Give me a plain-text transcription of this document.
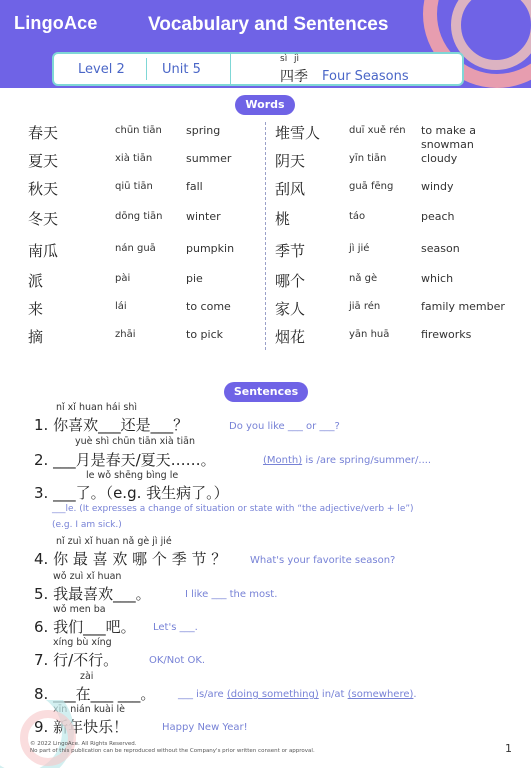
LingoAce	Vocabulary and Sentences
Level 2	Unit 5
sì jì
四季 Four Seasons
Words
春天	chūn tiān spring
夏天	xià tiān	summer
秋天	qiū tiān	fall
冬天	dōng tiān winter
南瓜	nán guā	pumpkin
派	pài	pie
来	lái	to come
摘	zhāi	to pick
堆雪人	duī xuě rén to make a
snowman
阴天	yīn tiān	cloudy
刮风	guā fēng	windy
桃	táo	peach
季节	jì jié	season
哪个	nǎ gè	which
家人	jiā rén	family member
烟花	yān huā	fireworks
Sentences
nǐ xǐ huan hái shì
1. 你喜欢___还是___？	Do you like ___ or ___?
yuè shì chūn tiān xià tiān
2. ___月是春天/夏天……。	(Month) is /are spring/summer/....
le wǒ shēng bìng le
3. ___了。（e.g. 我生病了。）
___le. (It expresses a change of situation or state with “the adjective/verb + le”)
(e.g. I am sick.)
nǐ zuì xǐ huan nǎ gè jì jié
4. 你 最 喜 欢 哪 个 季 节 ？ What's your favorite season?
wǒ zuì xǐ huan
5. 我最喜欢___。	I like ___ the most.
wǒ men ba
6. 我们___吧。 Let's ___.
xíng bù xíng
7. 行/不行。	OK/Not OK.
zài
8. ___在___ ___。 ___ is/are (doing something) in/at (somewhere).
xīn nián kuài lè
9. 新年快乐！	Happy New Year!
© 2022 LingoAce. All Rights Reserved.
No part of this publication can be reproduced without the Company's prior written consent or approval.	1
